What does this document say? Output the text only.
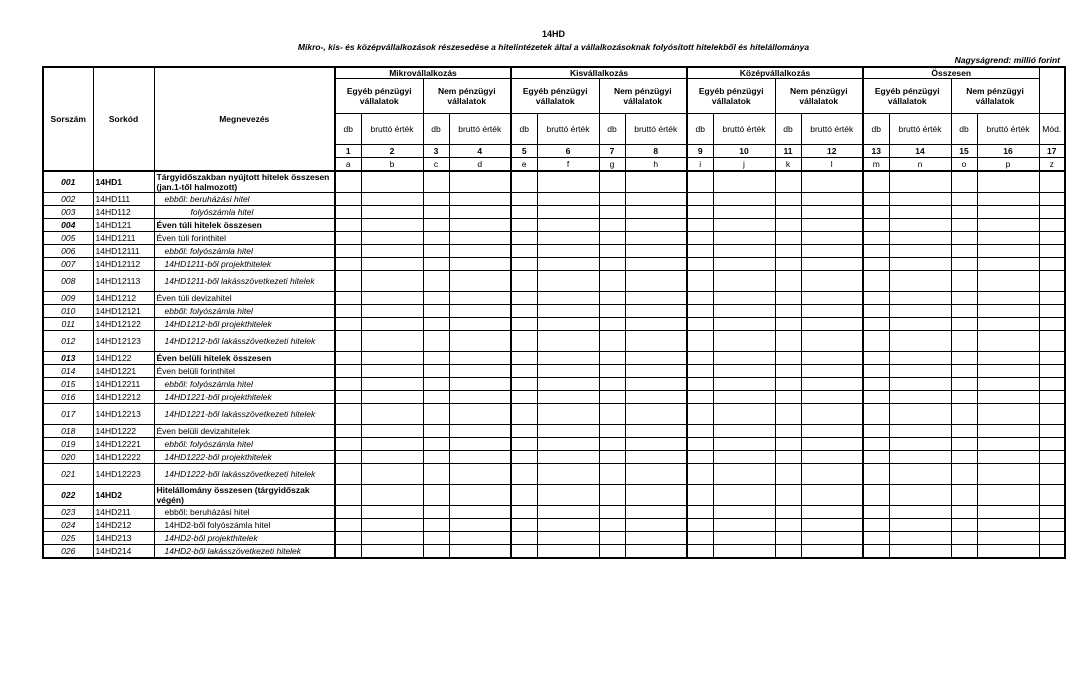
14HD
Mikro-, kis- és középvállalkozások részesedése a hitelintézetek által a vállalkozásoknak folyósított hitelekből és hitelállománya
Nagyságrend: millió forint
Sorszám	Sorkód	Megnevezés	Mikrovállalkozás				Kisvállalkozás				Középvállalkozás				Összesen				
			Egyéb pénzügyi vállalatok		Nem pénzügyi vállalatok		Egyéb pénzügyi vállalatok		Nem pénzügyi vállalatok		Egyéb pénzügyi vállalatok		Nem pénzügyi vállalatok		Egyéb pénzügyi vállalatok		Nem pénzügyi vállalatok		
			db	bruttó érték	db	bruttó érték	db	bruttó érték	db	bruttó érték	db	bruttó érték	db	bruttó érték	db	bruttó érték	db	bruttó érték	Mód.
			1	2	3	4	5	6	7	8	9	10	11	12	13	14	15	16	17
			a	b	c	d	e	f	g	h	i	j	k	l	m	n	o	p	z
001	14HD1	Tárgyidőszakban nyújtott hitelek összesen (jan.1-től halmozott)																	
002	14HD111	ebből: beruházási hitel																	
003	14HD112	folyószámla hitel																	
004	14HD121	Éven túli hitelek összesen																	
005	14HD1211	Éven túli forinthitel																	
006	14HD12111	ebből: folyószámla hitel																	
007	14HD12112	14HD1211-ből projekthitelek																	
008	14HD12113	14HD1211-ből lakásszövetkezeti hitelek																	
009	14HD1212	Éven túli devizahitel																	
010	14HD12121	ebből: folyószámla hitel																	
011	14HD12122	14HD1212-ből projekthitelek																	
012	14HD12123	14HD1212-ből lakásszövetkezeti hitelek																	
013	14HD122	Éven belüli hitelek összesen																	
014	14HD1221	Éven belüli forinthitel																	
015	14HD12211	ebből: folyószámla hitel																	
016	14HD12212	14HD1221-ből projekthitelek																	
017	14HD12213	14HD1221-ből lakásszövetkezeti hitelek																	
018	14HD1222	Éven belüli devizahitelek																	
019	14HD12221	ebből: folyószámla hitel																	
020	14HD12222	14HD1222-ből projekthitelek																	
021	14HD12223	14HD1222-ből lakásszövetkezeti hitelek																	
022	14HD2	Hitelállomány összesen (tárgyidőszak végén)																	
023	14HD211	ebből: beruházási hitel																	
024	14HD212	14HD2-ből folyószámla hitel																	
025	14HD213	14HD2-ből projekthitelek																	
026	14HD214	14HD2-ből lakásszövetkezeti hitelek																	
